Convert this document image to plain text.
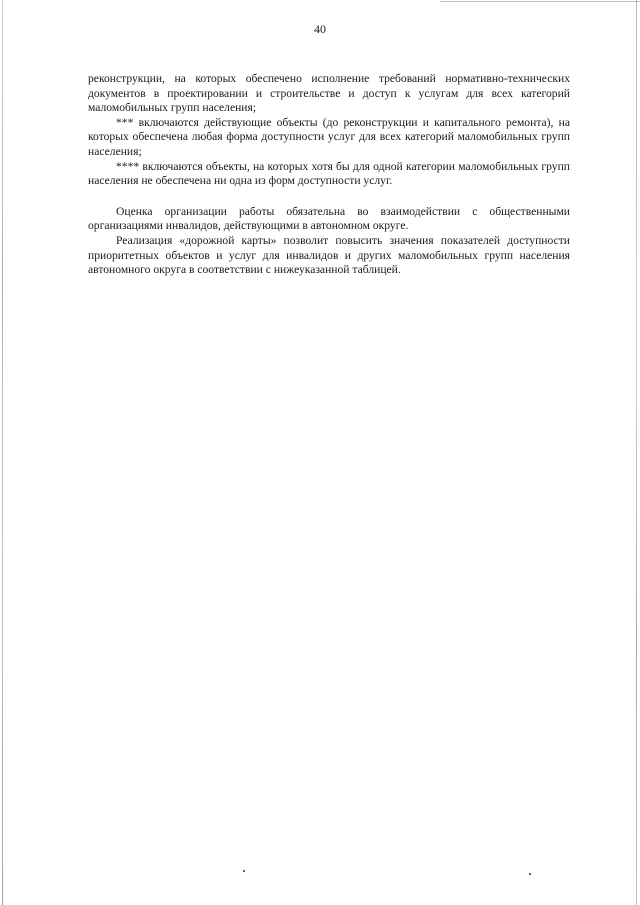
40

реконструкции, на которых обеспечено исполнение требований нормативно-технических документов в проектировании и строительстве и доступ к услугам для всех категорий маломобильных групп населения;

*** включаются действующие объекты (до реконструкции и капитального ремонта), на которых обеспечена любая форма доступности услуг для всех категорий маломобильных групп населения;

**** включаются объекты, на которых хотя бы для одной категории маломобильных групп населения не обеспечена ни одна из форм доступности услуг.

Оценка организации работы обязательна во взаимодействии с общественными организациями инвалидов, действующими в автономном округе.

Реализация «дорожной карты» позволит повысить значения показателей доступности приоритетных объектов и услуг для инвалидов и других маломобильных групп населения автономного округа в соответствии с нижеуказанной таблицей.
